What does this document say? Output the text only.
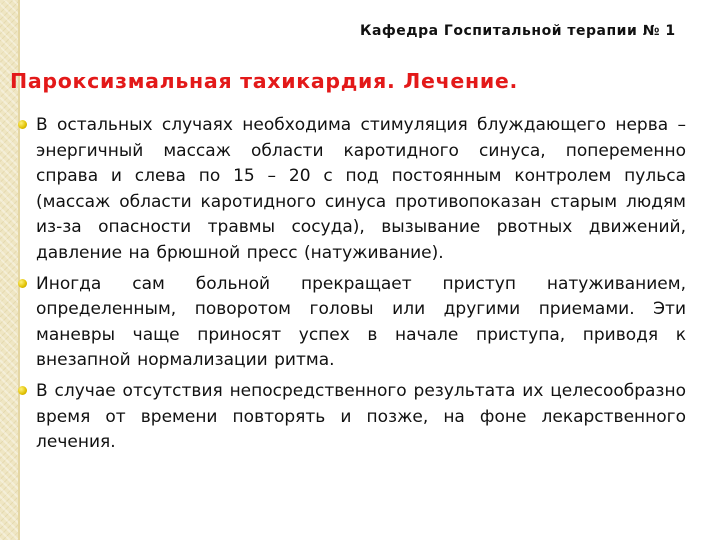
Кафедра Госпитальной терапии № 1
Пароксизмальная тахикардия. Лечение.
В остальных случаях необходима стимуляция блуждающего нерва – энергичный массаж области каротидного синуса, попеременно справа и слева по 15 – 20 с под постоянным контролем пульса (массаж области каротидного синуса противопоказан старым людям из-за опасности травмы сосуда), вызывание рвотных движений, давление на брюшной пресс (натуживание).
Иногда сам больной прекращает приступ натуживанием, определенным, поворотом головы или другими приемами. Эти маневры чаще приносят успех в начале приступа, приводя к внезапной нормализации ритма.
В случае отсутствия непосредственного результата их целесообразно время от времени повторять и позже, на фоне лекарственного лечения.
